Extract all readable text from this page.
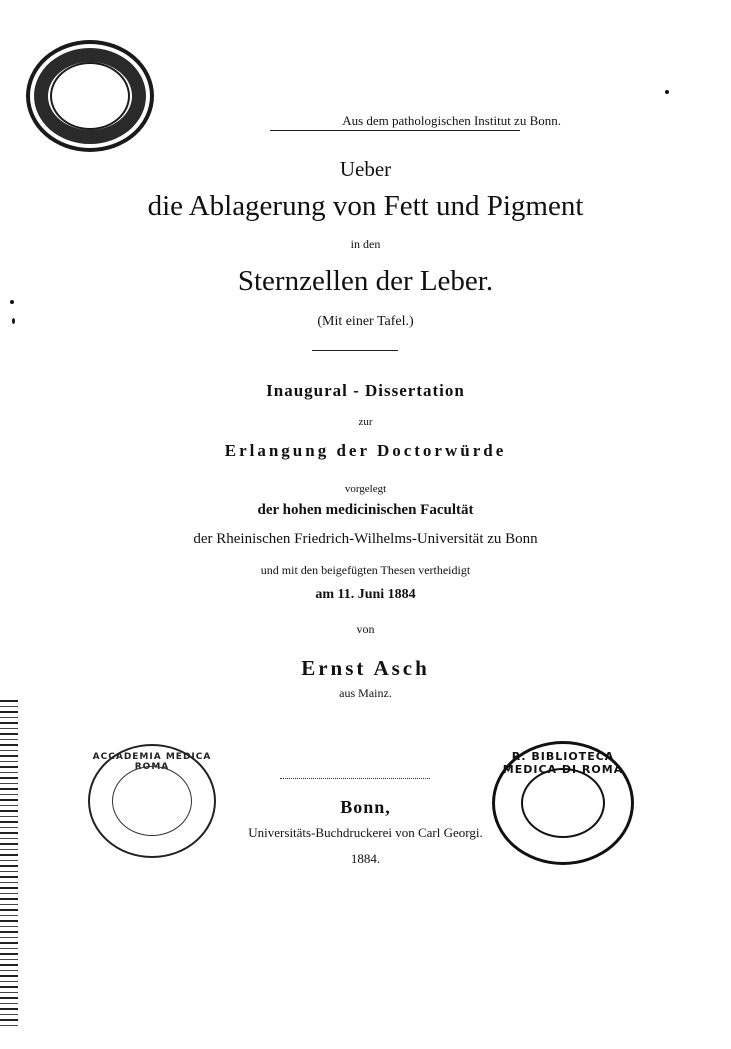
MISCELLANEA R. BIBLIOTECA MEDICA	Aus dem pathologischen Institut zu Bonn.
Ueber
die Ablagerung von Fett und Pigment
in den
Sternzellen der Leber.
(Mit einer Tafel.)
Inaugural - Dissertation
zur
Erlangung der Doctorwürde
vorgelegt
der hohen medicinischen Facultät
der Rheinischen Friedrich-Wilhelms-Universität zu Bonn
und mit den beigefügten Thesen vertheidigt
am 11. Juni 1884
von
Ernst Asch
aus Mainz.
Bonn,
Universitäts-Buchdruckerei von Carl Georgi.
1884.
ACCADEMIA MEDICA ROMA
R. BIBLIOTECA MEDICA DI ROMA
